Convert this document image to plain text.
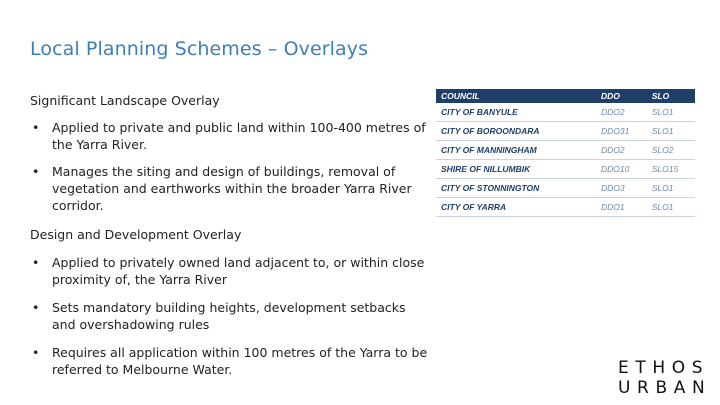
Local Planning Schemes – Overlays

Significant Landscape Overlay

• Applied to private and public land within 100-400 metres of the Yarra River.
• Manages the siting and design of buildings, removal of vegetation and earthworks within the broader Yarra River corridor.

Design and Development Overlay

• Applied to privately owned land adjacent to, or within close proximity of, the Yarra River
• Sets mandatory building heights, development setbacks and overshadowing rules
• Requires all application within 100 metres of the Yarra to be referred to Melbourne Water.
COUNCIL	DDO	SLO
CITY OF BANYULE	DDO2	SLO1
CITY OF BOROONDARA	DDO31	SLO1
CITY OF MANNINGHAM	DDO2	SLO2
SHIRE OF NILLUMBIK	DDO10	SLO15
CITY OF STONNINGTON	DDO3	SLO1
CITY OF YARRA	DDO1	SLO1
ETHOS
URBAN
